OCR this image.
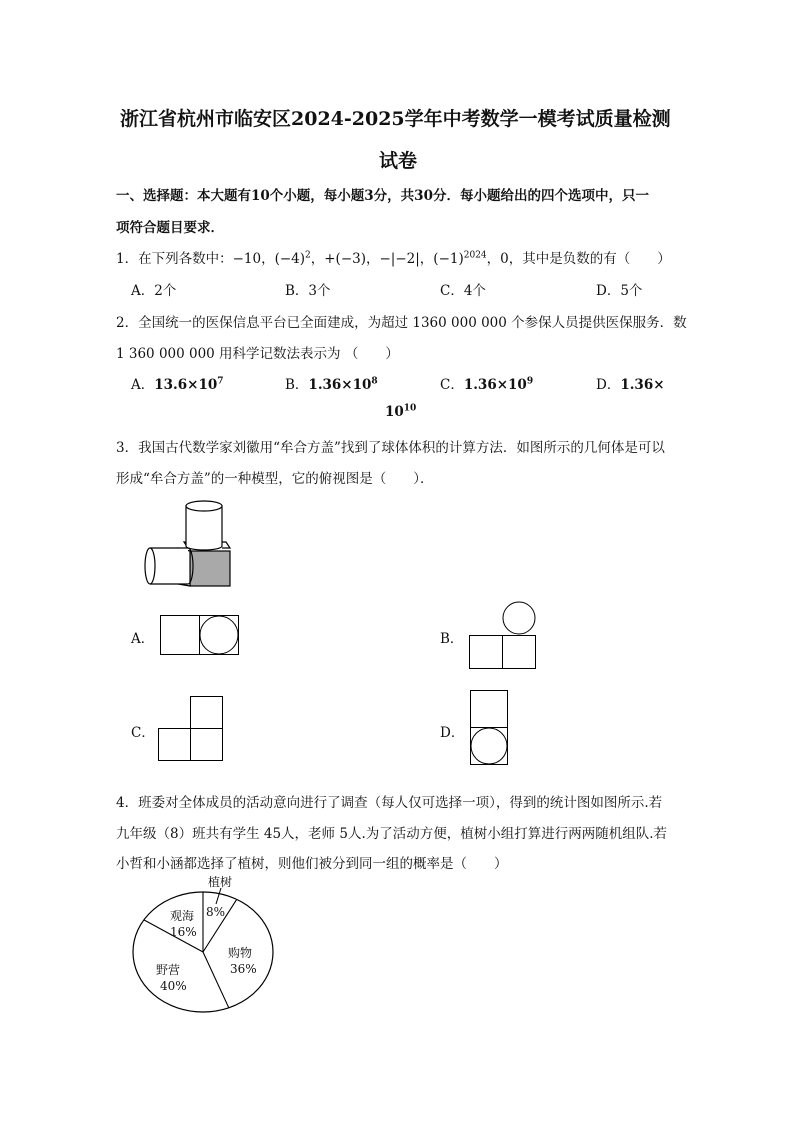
浙江省杭州市临安区2024-2025学年中考数学一模考试质量检测
试卷
一、选择题：本大题有10个小题，每小题3分，共30分．每小题给出的四个选项中，只一
项符合题目要求．
1．在下列各数中：−10，$(-4)^2$，+(−3)，−|−2|，$(-1)^{2024}$，0，其中是负数的有（　　）
A．2个	B．3个	C．4个	D．5个
2．全国统一的医保信息平台已全面建成，为超过 1360 000 000 个参保人员提供医保服务．数
1 360 000 000 用科学记数法表示为 （　　）
A．$13.6\times 10^7$	B．$1.36\times 10^8$	C．$1.36\times 10^9$	D．1.36×
$10^{10}$
3．我国古代数学家刘徽用“牟合方盖”找到了球体体积的计算方法．如图所示的几何体是可以
形成“牟合方盖”的一种模型，它的俯视图是（　　）．
A．	B．
C．	D．
4．班委对全体成员的活动意向进行了调查（每人仅可选择一项），得到的统计图如图所示.若
九年级（8）班共有学生 45人，老师 5人.为了活动方便，植树小组打算进行两两随机组队.若
小哲和小涵都选择了植树，则他们被分到同一组的概率是（　　）
植树
8%
购物
36%
野营
40%
观海
16%
